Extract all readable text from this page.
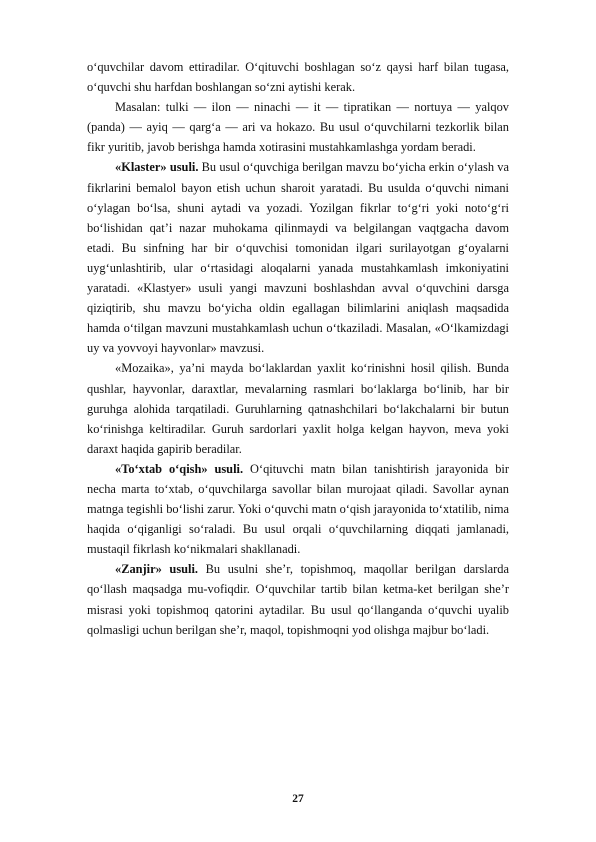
o‘quvchilar davom ettiradilar. O‘qituvchi boshlagan so‘z qaysi harf bilan tugasa, o‘quvchi shu harfdan boshlangan so‘zni aytishi kerak.

Masalan: tulki — ilon — ninachi — it — tipratikan — nortuya — yalqov (panda) — ayiq — qarg‘a — ari va hokazo. Bu usul o‘quvchilarni tezkorlik bilan fikr yuritib, javob berishga hamda xotirasini mustahkamlashga yordam beradi.

«Klaster» usuli. Bu usul o‘quvchiga berilgan mavzu bo‘yicha erkin o‘ylash va fikrlarini bemalol bayon etish uchun sharoit yaratadi. Bu usulda o‘quvchi nimani o‘ylagan bo‘lsa, shuni aytadi va yozadi. Yozilgan fikrlar to‘g‘ri yoki noto‘g‘ri bo‘lishidan qat’i nazar muhokama qilinmaydi va belgilangan vaqtgacha davom etadi. Bu sinfning har bir o‘quvchisi tomonidan ilgari surilayotgan g‘oyalarni uyg‘unlashtirib, ular o‘rtasidagi aloqalarni yanada mustahkamlash imkoniyatini yaratadi. «Klastyer» usuli yangi mavzuni boshlashdan avval o‘quvchini darsga qiziqtirib, shu mavzu bo‘yicha oldin egallagan bilimlarini aniqlash maqsadida hamda o‘tilgan mavzuni mustahkamlash uchun o‘tkaziladi. Masalan, «O‘lkamizdagi uy va yovvoyi hayvonlar» mavzusi.

«Mozaika», ya’ni mayda bo‘laklardan yaxlit ko‘rinishni hosil qilish. Bunda qushlar, hayvonlar, daraxtlar, mevalarning rasmlari bo‘laklarga bo‘linib, har bir guruhga alohida tarqatiladi. Guruhlarning qatnashchilari bo‘lakchalarni bir butun ko‘rinishga keltiradilar. Guruh sardorlari yaxlit holga kelgan hayvon, meva yoki daraxt haqida gapirib beradilar.

«To‘xtab o‘qish» usuli. O‘qituvchi matn bilan tanishtirish jarayonida bir necha marta to‘xtab, o‘quvchilarga savollar bilan murojaat qiladi. Savollar aynan matnga tegishli bo‘lishi zarur. Yoki o‘quvchi matn o‘qish jarayonida to‘xtatilib, nima haqida o‘qiganligi so‘raladi. Bu usul orqali o‘quvchilarning diqqati jamlanadi, mustaqil fikrlash ko‘nikmalari shakllanadi.

«Zanjir» usuli. Bu usulni she’r, topishmoq, maqollar berilgan darslarda qo‘llash maqsadga mu-vofiqdir. O‘quvchilar tartib bilan ketma-ket berilgan she’r misrasi yoki topishmoq qatorini aytadilar. Bu usul qo‘llanganda o‘quvchi uyalib qolmasligi uchun berilgan she’r, maqol, topishmoqni yod olishga majbur bo‘ladi.

27
